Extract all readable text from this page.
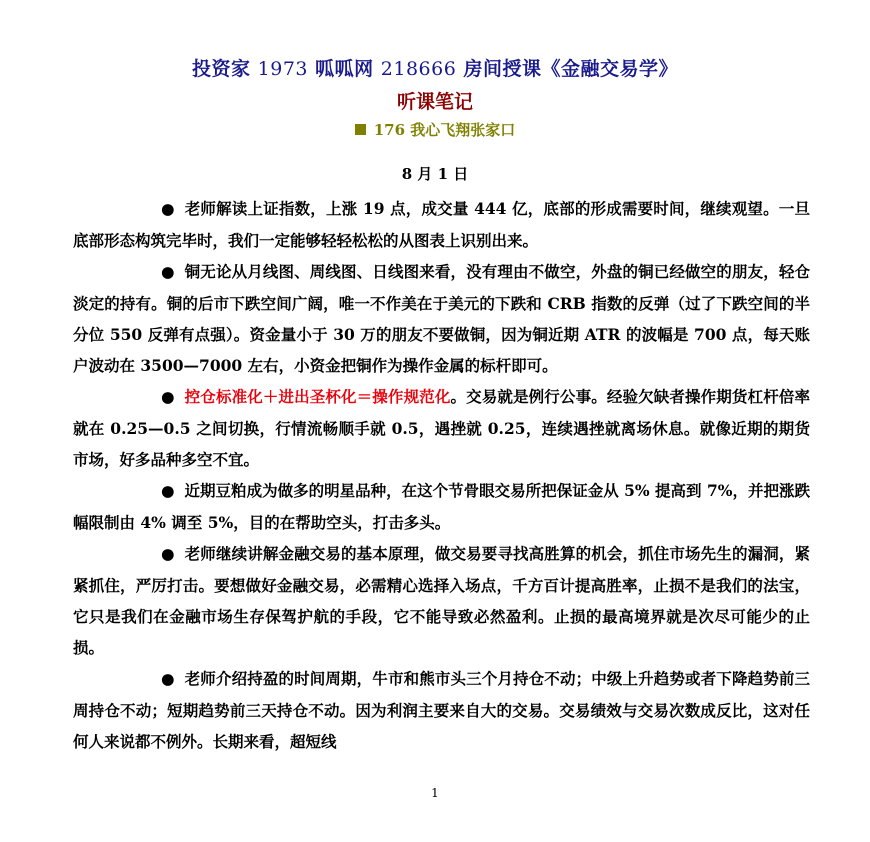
投资家 1973 呱呱网 218666 房间授课《金融交易学》
听课笔记
176 我心飞翔张家口
8 月 1 日

● 老师解读上证指数，上涨 19 点，成交量 444 亿，底部的形成需要时间，继续观望。一旦底部形态构筑完毕时，我们一定能够轻轻松松的从图表上识别出来。

● 铜无论从月线图、周线图、日线图来看，没有理由不做空，外盘的铜已经做空的朋友，轻仓淡定的持有。铜的后市下跌空间广阔，唯一不作美在于美元的下跌和 CRB 指数的反弹（过了下跌空间的半分位 550 反弹有点强）。资金量小于 30 万的朋友不要做铜，因为铜近期 ATR 的波幅是 700 点，每天账户波动在 3500—7000 左右，小资金把铜作为操作金属的标杆即可。

● 控仓标准化＋进出圣杯化＝操作规范化。交易就是例行公事。经验欠缺者操作期货杠杆倍率就在 0.25—0.5 之间切换，行情流畅顺手就 0.5，遇挫就 0.25，连续遇挫就离场休息。就像近期的期货市场，好多品种多空不宜。

● 近期豆粕成为做多的明星品种，在这个节骨眼交易所把保证金从 5% 提高到 7%，并把涨跌幅限制由 4% 调至 5%，目的在帮助空头，打击多头。

● 老师继续讲解金融交易的基本原理，做交易要寻找高胜算的机会，抓住市场先生的漏洞，紧紧抓住，严厉打击。要想做好金融交易，必需精心选择入场点，千方百计提高胜率，止损不是我们的法宝，它只是我们在金融市场生存保驾护航的手段，它不能导致必然盈利。止损的最高境界就是次尽可能少的止损。

● 老师介绍持盈的时间周期，牛市和熊市头三个月持仓不动；中级上升趋势或者下降趋势前三周持仓不动；短期趋势前三天持仓不动。因为利润主要来自大的交易。交易绩效与交易次数成反比，这对任何人来说都不例外。长期来看，超短线

1
